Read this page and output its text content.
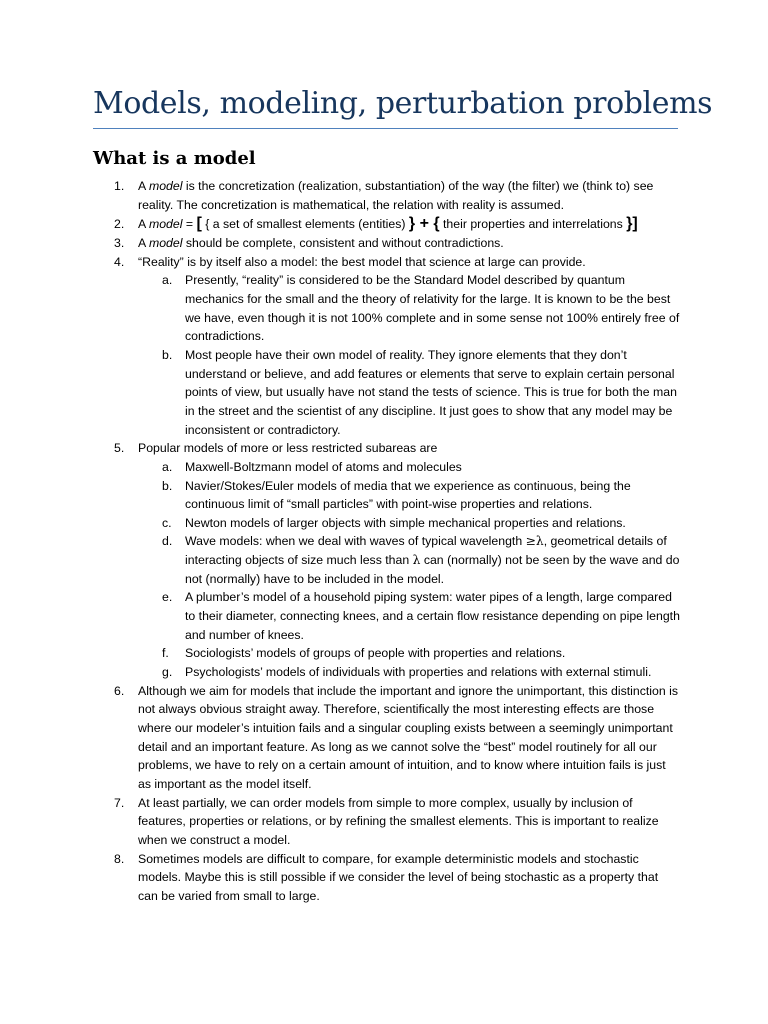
Models, modeling, perturbation problems
What is a model
1. A model is the concretization (realization, substantiation) of the way (the filter) we (think to) see reality. The concretization is mathematical, the relation with reality is assumed.
2. A model = [ { a set of smallest elements (entities) } + { their properties and interrelations }]
3. A model should be complete, consistent and without contradictions.
4. “Reality” is by itself also a model: the best model that science at large can provide.
a. Presently, “reality” is considered to be the Standard Model described by quantum mechanics for the small and the theory of relativity for the large. It is known to be the best we have, even though it is not 100% complete and in some sense not 100% entirely free of contradictions.
b. Most people have their own model of reality. They ignore elements that they don’t understand or believe, and add features or elements that serve to explain certain personal points of view, but usually have not stand the tests of science. This is true for both the man in the street and the scientist of any discipline. It just goes to show that any model may be inconsistent or contradictory.
5. Popular models of more or less restricted subareas are
a. Maxwell-Boltzmann model of atoms and molecules
b. Navier/Stokes/Euler models of media that we experience as continuous, being the continuous limit of “small particles” with point-wise properties and relations.
c. Newton models of larger objects with simple mechanical properties and relations.
d. Wave models: when we deal with waves of typical wavelength ≥λ, geometrical details of interacting objects of size much less than λ can (normally) not be seen by the wave and do not (normally) have to be included in the model.
e. A plumber’s model of a household piping system: water pipes of a length, large compared to their diameter, connecting knees, and a certain flow resistance depending on pipe length and number of knees.
f. Sociologists’ models of groups of people with properties and relations.
g. Psychologists’ models of individuals with properties and relations with external stimuli.
6. Although we aim for models that include the important and ignore the unimportant, this distinction is not always obvious straight away. Therefore, scientifically the most interesting effects are those where our modeler’s intuition fails and a singular coupling exists between a seemingly unimportant detail and an important feature. As long as we cannot solve the “best” model routinely for all our problems, we have to rely on a certain amount of intuition, and to know where intuition fails is just as important as the model itself.
7. At least partially, we can order models from simple to more complex, usually by inclusion of features, properties or relations, or by refining the smallest elements. This is important to realize when we construct a model.
8. Sometimes models are difficult to compare, for example deterministic models and stochastic models. Maybe this is still possible if we consider the level of being stochastic as a property that can be varied from small to large.
